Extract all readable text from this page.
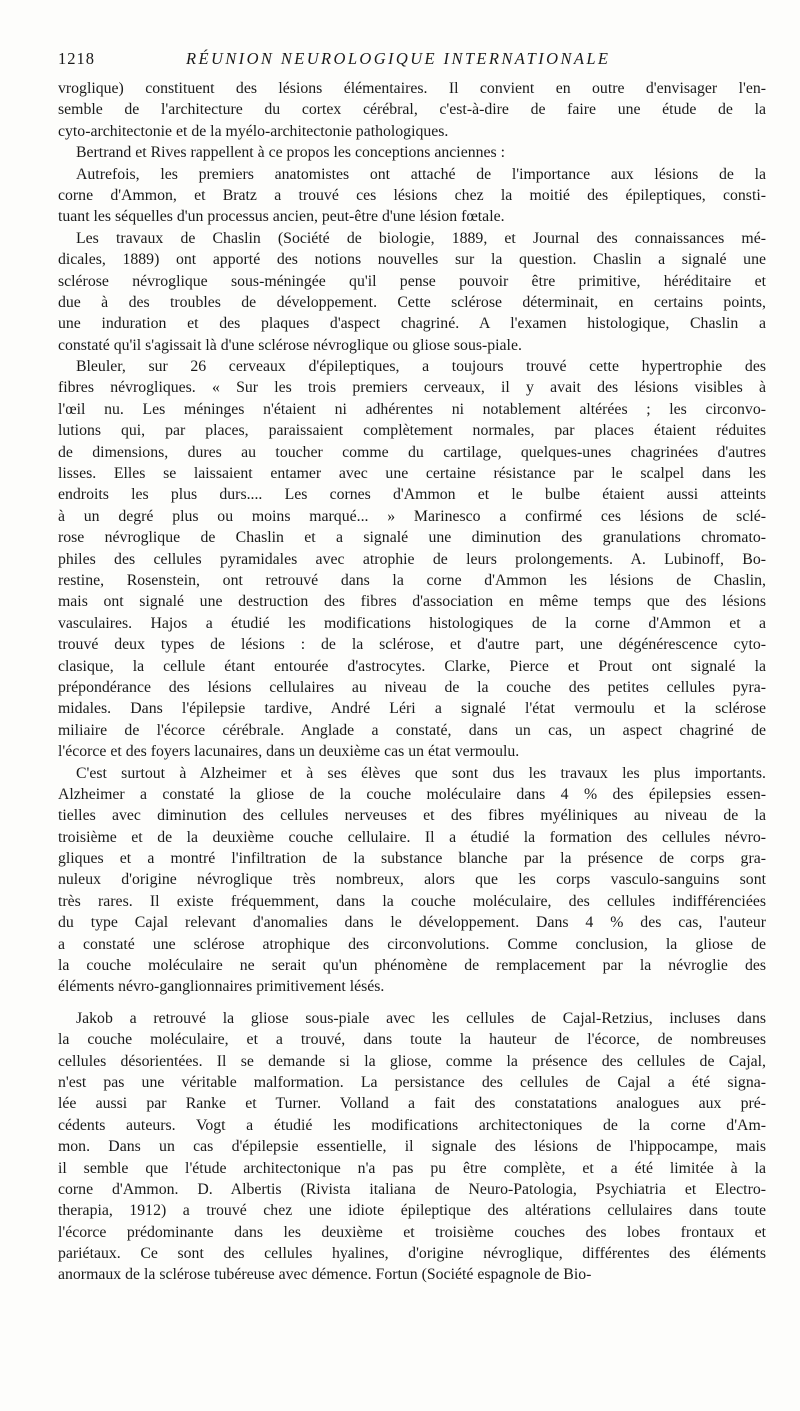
1218	RÉUNION NEUROLOGIQUE INTERNATIONALE
vroglique) constituent des lésions élémentaires. Il convient en outre d'envisager l'en-
semble de l'architecture du cortex cérébral, c'est-à-dire de faire une étude de la
cyto-architectonie et de la myélo-architectonie pathologiques.
Bertrand et Rives rappellent à ce propos les conceptions anciennes :
Autrefois, les premiers anatomistes ont attaché de l'importance aux lésions de la
corne d'Ammon, et Bratz a trouvé ces lésions chez la moitié des épileptiques, consti-
tuant les séquelles d'un processus ancien, peut-être d'une lésion fœtale.
Les travaux de Chaslin (Société de biologie, 1889, et Journal des connaissances mé-
dicales, 1889) ont apporté des notions nouvelles sur la question. Chaslin a signalé une
sclérose névroglique sous-méningée qu'il pense pouvoir être primitive, héréditaire et
due à des troubles de développement. Cette sclérose déterminait, en certains points,
une induration et des plaques d'aspect chagriné. A l'examen histologique, Chaslin a
constaté qu'il s'agissait là d'une sclérose névroglique ou gliose sous-piale.
Bleuler, sur 26 cerveaux d'épileptiques, a toujours trouvé cette hypertrophie des
fibres névrogliques. « Sur les trois premiers cerveaux, il y avait des lésions visibles à
l'œil nu. Les méninges n'étaient ni adhérentes ni notablement altérées ; les circonvo-
lutions qui, par places, paraissaient complètement normales, par places étaient réduites
de dimensions, dures au toucher comme du cartilage, quelques-unes chagrinées d'autres
lisses. Elles se laissaient entamer avec une certaine résistance par le scalpel dans les
endroits les plus durs.... Les cornes d'Ammon et le bulbe étaient aussi atteints
à un degré plus ou moins marqué... » Marinesco a confirmé ces lésions de sclé-
rose névroglique de Chaslin et a signalé une diminution des granulations chromato-
philes des cellules pyramidales avec atrophie de leurs prolongements. A. Lubinoff, Bo-
restine, Rosenstein, ont retrouvé dans la corne d'Ammon les lésions de Chaslin,
mais ont signalé une destruction des fibres d'association en même temps que des lésions
vasculaires. Hajos a étudié les modifications histologiques de la corne d'Ammon et a
trouvé deux types de lésions : de la sclérose, et d'autre part, une dégénérescence cyto-
clasique, la cellule étant entourée d'astrocytes. Clarke, Pierce et Prout ont signalé la
prépondérance des lésions cellulaires au niveau de la couche des petites cellules pyra-
midales. Dans l'épilepsie tardive, André Léri a signalé l'état vermoulu et la sclérose
miliaire de l'écorce cérébrale. Anglade a constaté, dans un cas, un aspect chagriné de
l'écorce et des foyers lacunaires, dans un deuxième cas un état vermoulu.
C'est surtout à Alzheimer et à ses élèves que sont dus les travaux les plus importants.
Alzheimer a constaté la gliose de la couche moléculaire dans 4 % des épilepsies essen-
tielles avec diminution des cellules nerveuses et des fibres myéliniques au niveau de la
troisième et de la deuxième couche cellulaire. Il a étudié la formation des cellules névro-
gliques et a montré l'infiltration de la substance blanche par la présence de corps gra-
nuleux d'origine névroglique très nombreux, alors que les corps vasculo-sanguins sont
très rares. Il existe fréquemment, dans la couche moléculaire, des cellules indifférenciées
du type Cajal relevant d'anomalies dans le développement. Dans 4 % des cas, l'auteur
a constaté une sclérose atrophique des circonvolutions. Comme conclusion, la gliose de
la couche moléculaire ne serait qu'un phénomène de remplacement par la névroglie des
éléments névro-ganglionnaires primitivement lésés.
Jakob a retrouvé la gliose sous-piale avec les cellules de Cajal-Retzius, incluses dans
la couche moléculaire, et a trouvé, dans toute la hauteur de l'écorce, de nombreuses
cellules désorientées. Il se demande si la gliose, comme la présence des cellules de Cajal,
n'est pas une véritable malformation. La persistance des cellules de Cajal a été signa-
lée aussi par Ranke et Turner. Volland a fait des constatations analogues aux pré-
cédents auteurs. Vogt a étudié les modifications architectoniques de la corne d'Am-
mon. Dans un cas d'épilepsie essentielle, il signale des lésions de l'hippocampe, mais
il semble que l'étude architectonique n'a pas pu être complète, et a été limitée à la
corne d'Ammon. D. Albertis (Rivista italiana de Neuro-Patologia, Psychiatria et Electro-
therapia, 1912) a trouvé chez une idiote épileptique des altérations cellulaires dans toute
l'écorce prédominante dans les deuxième et troisième couches des lobes frontaux et
pariétaux. Ce sont des cellules hyalines, d'origine névroglique, différentes des éléments
anormaux de la sclérose tubéreuse avec démence. Fortun (Société espagnole de Bio-
